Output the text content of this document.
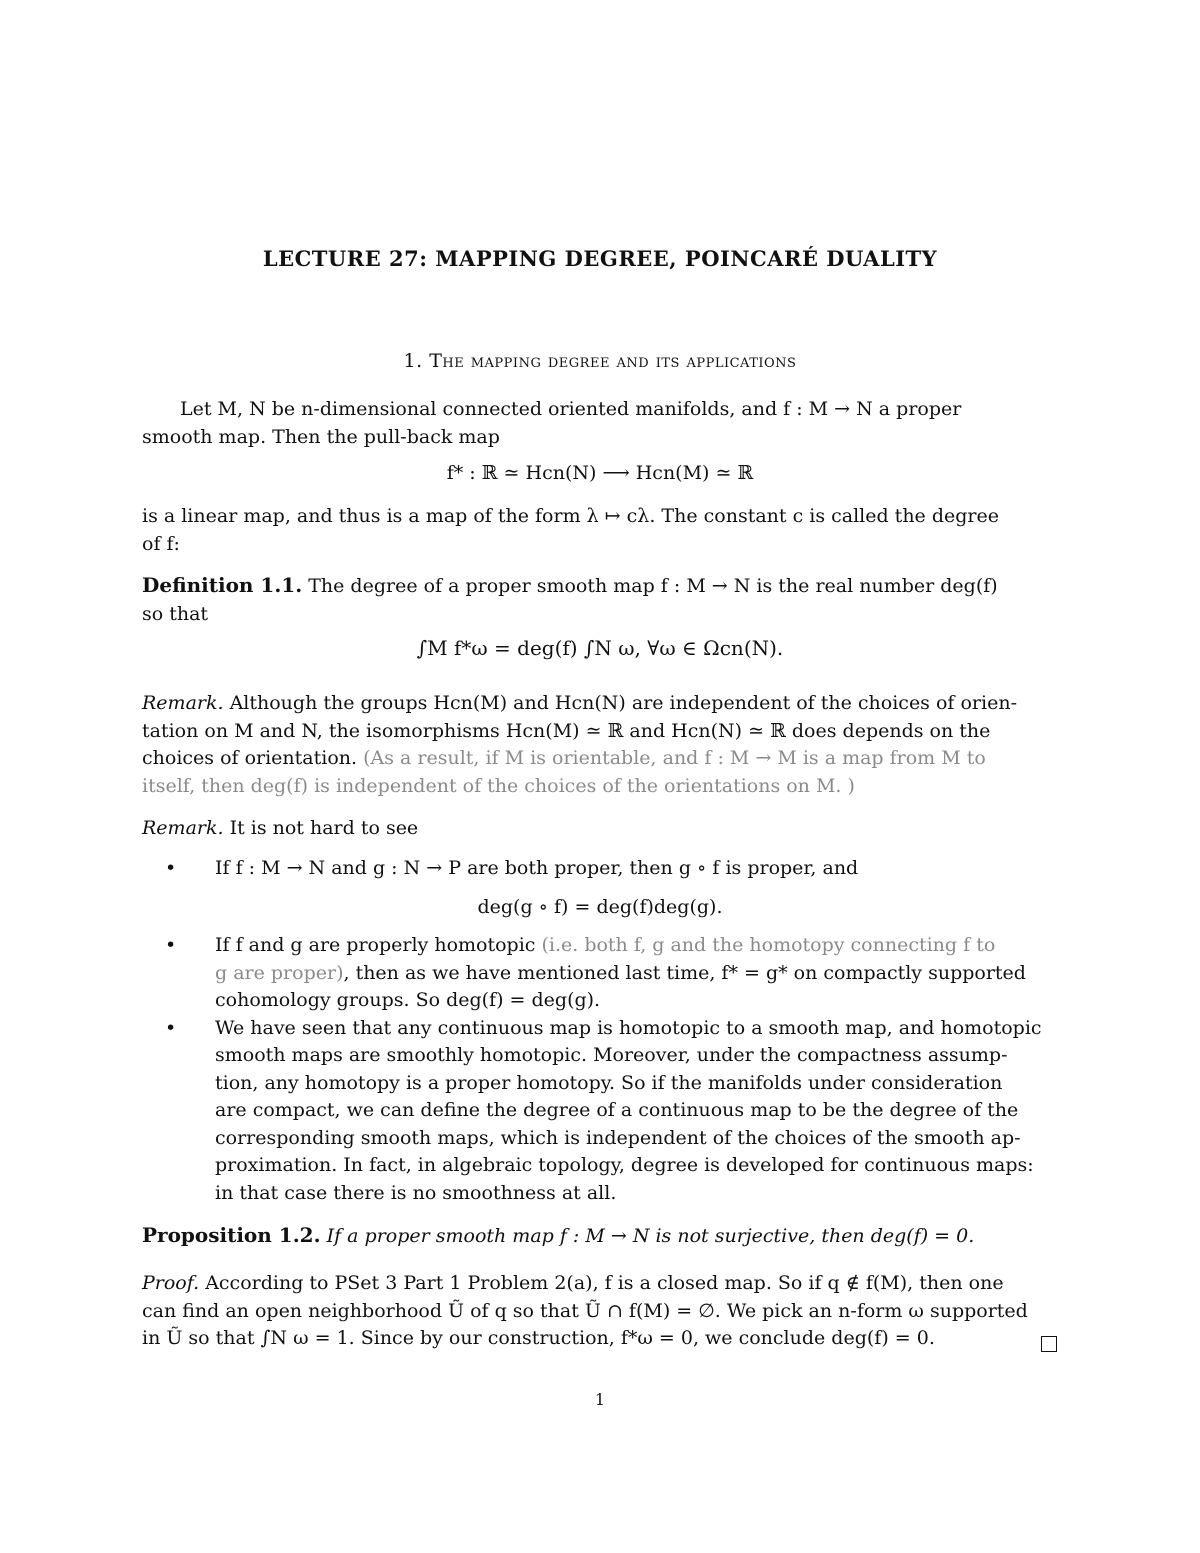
LECTURE 27: MAPPING DEGREE, POINCARÉ DUALITY
1. The mapping degree and its applications
Let M, N be n-dimensional connected oriented manifolds, and f : M → N a proper
smooth map. Then the pull-back map
f* : ℝ ≃ Hcn(N) ⟶ Hcn(M) ≃ ℝ
is a linear map, and thus is a map of the form λ ↦ cλ. The constant c is called the degree
of f:
Definition 1.1. The degree of a proper smooth map f : M → N is the real number deg(f)
so that
∫M f*ω = deg(f) ∫N ω, ∀ω ∈ Ωcn(N).
Remark. Although the groups Hcn(M) and Hcn(N) are independent of the choices of orien-
tation on M and N, the isomorphisms Hcn(M) ≃ ℝ and Hcn(N) ≃ ℝ does depends on the
choices of orientation. (As a result, if M is orientable, and f : M → M is a map from M to
itself, then deg(f) is independent of the choices of the orientations on M. )
Remark. It is not hard to see
• If f : M → N and g : N → P are both proper, then g ∘ f is proper, and
deg(g ∘ f) = deg(f)deg(g).
• If f and g are properly homotopic (i.e. both f, g and the homotopy connecting f to
g are proper), then as we have mentioned last time, f* = g* on compactly supported
cohomology groups. So deg(f) = deg(g).
• We have seen that any continuous map is homotopic to a smooth map, and homotopic
smooth maps are smoothly homotopic. Moreover, under the compactness assump-
tion, any homotopy is a proper homotopy. So if the manifolds under consideration
are compact, we can define the degree of a continuous map to be the degree of the
corresponding smooth maps, which is independent of the choices of the smooth ap-
proximation. In fact, in algebraic topology, degree is developed for continuous maps:
in that case there is no smoothness at all.
Proposition 1.2. If a proper smooth map f : M → N is not surjective, then deg(f) = 0.
Proof. According to PSet 3 Part 1 Problem 2(a), f is a closed map. So if q ∉ f(M), then one
can find an open neighborhood Ũ of q so that Ũ ∩ f(M) = ∅. We pick an n-form ω supported
in Ũ so that ∫N ω = 1. Since by our construction, f*ω = 0, we conclude deg(f) = 0.
1
